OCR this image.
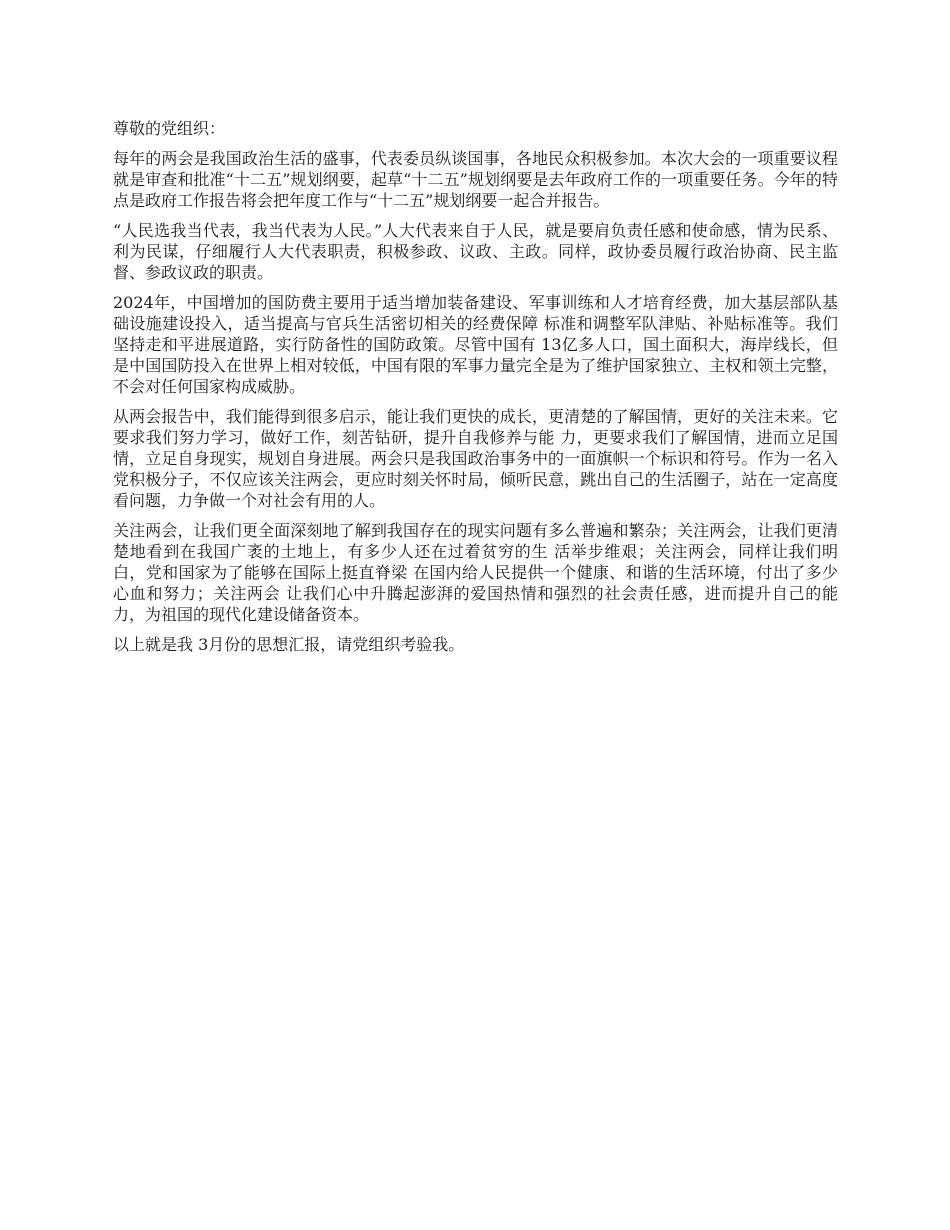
尊敬的党组织：

每年的两会是我国政治生活的盛事，代表委员纵谈国事，各地民众积极参加。本次大会的一项重要议程就是审查和批准“十二五”规划纲要，起草“十二五”规划纲要是去年政府工作的一项重要任务。今年的特点是政府工作报告将会把年度工作与“十二五”规划纲要一起合并报告。

“人民选我当代表，我当代表为人民。”人大代表来自于人民，就是要肩负责任感和使命感，情为民系、利为民谋，仔细履行人大代表职责，积极参政、议政、主政。同样，政协委员履行政治协商、民主监督、参政议政的职责。

2024年，中国增加的国防费主要用于适当增加装备建设、军事训练和人才培育经费，加大基层部队基础设施建设投入，适当提高与官兵生活密切相关的经费保障 标准和调整军队津贴、补贴标准等。我们坚持走和平进展道路，实行防备性的国防政策。尽管中国有 13亿多人口，国土面积大，海岸线长，但是中国国防投入在世界上相对较低，中国有限的军事力量完全是为了维护国家独立、主权和领土完整，不会对任何国家构成威胁。

从两会报告中，我们能得到很多启示，能让我们更快的成长，更清楚的了解国情，更好的关注未来。它要求我们努力学习，做好工作，刻苦钻研，提升自我修养与能 力，更要求我们了解国情，进而立足国情，立足自身现实，规划自身进展。两会只是我国政治事务中的一面旗帜一个标识和符号。作为一名入党积极分子，不仅应该关注两会，更应时刻关怀时局，倾听民意，跳出自己的生活圈子，站在一定高度看问题，力争做一个对社会有用的人。

关注两会，让我们更全面深刻地了解到我国存在的现实问题有多么普遍和繁杂；关注两会，让我们更清楚地看到在我国广袤的土地上，有多少人还在过着贫穷的生 活举步维艰；关注两会，同样让我们明白，党和国家为了能够在国际上挺直脊梁 在国内给人民提供一个健康、和谐的生活环境，付出了多少心血和努力；关注两会 让我们心中升腾起澎湃的爱国热情和强烈的社会责任感，进而提升自己的能力，为祖国的现代化建设储备资本。

以上就是我 3月份的思想汇报，请党组织考验我。
